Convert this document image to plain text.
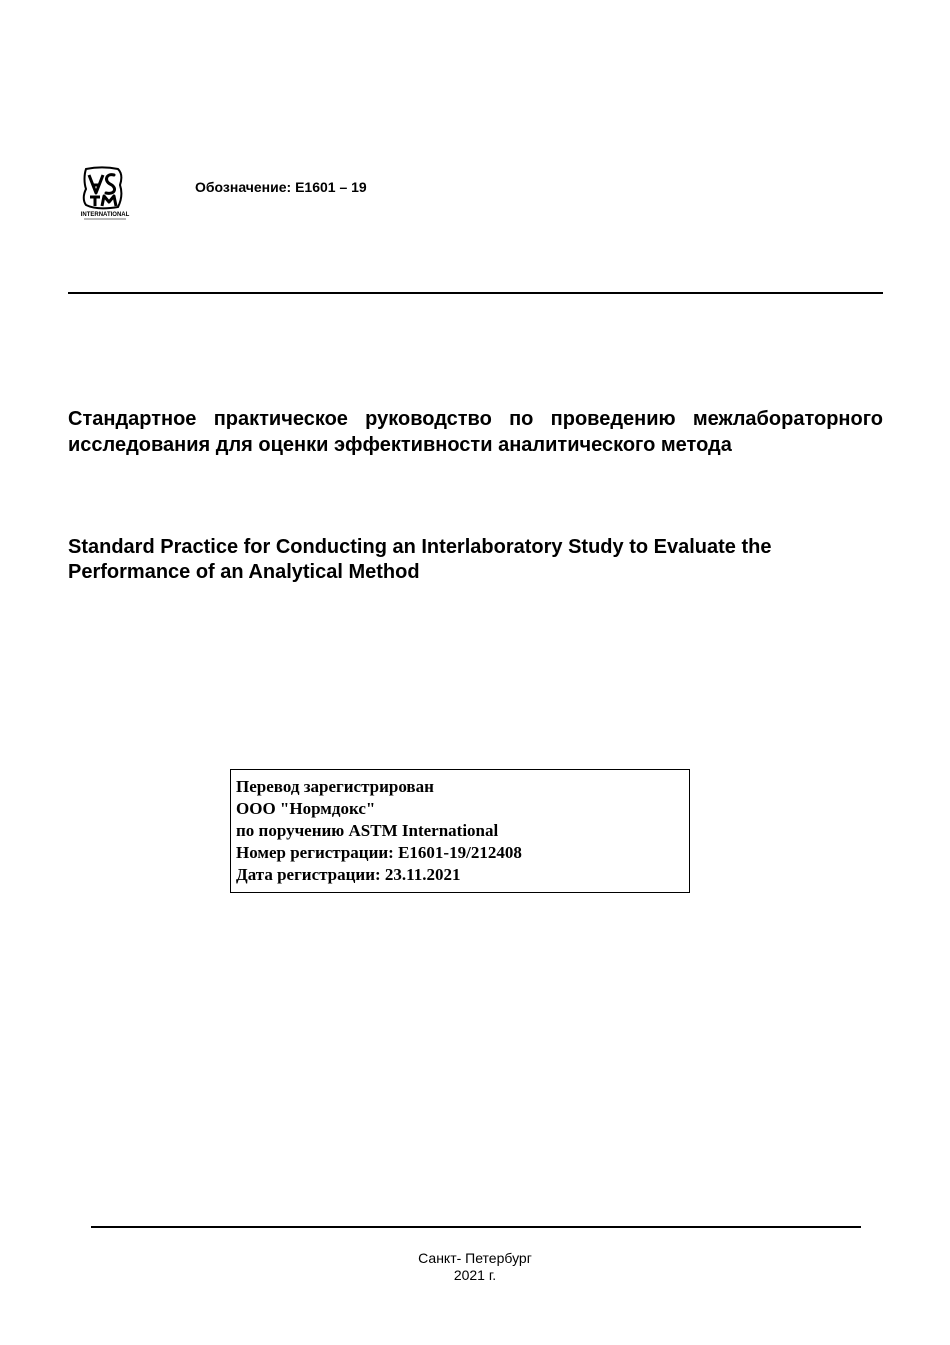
INTERNATIONAL
Обозначение: E1601 – 19
Стандартное практическое руководство по проведению межлабораторного исследования для оценки эффективности аналитического метода
Standard Practice for Conducting an Interlaboratory Study to Evaluate the Performance of an Analytical Method
Перевод зарегистрирован
ООО "Нормдокс"
по поручению ASTM International
Номер регистрации: E1601-19/212408
Дата регистрации: 23.11.2021
Санкт- Петербург
2021 г.
